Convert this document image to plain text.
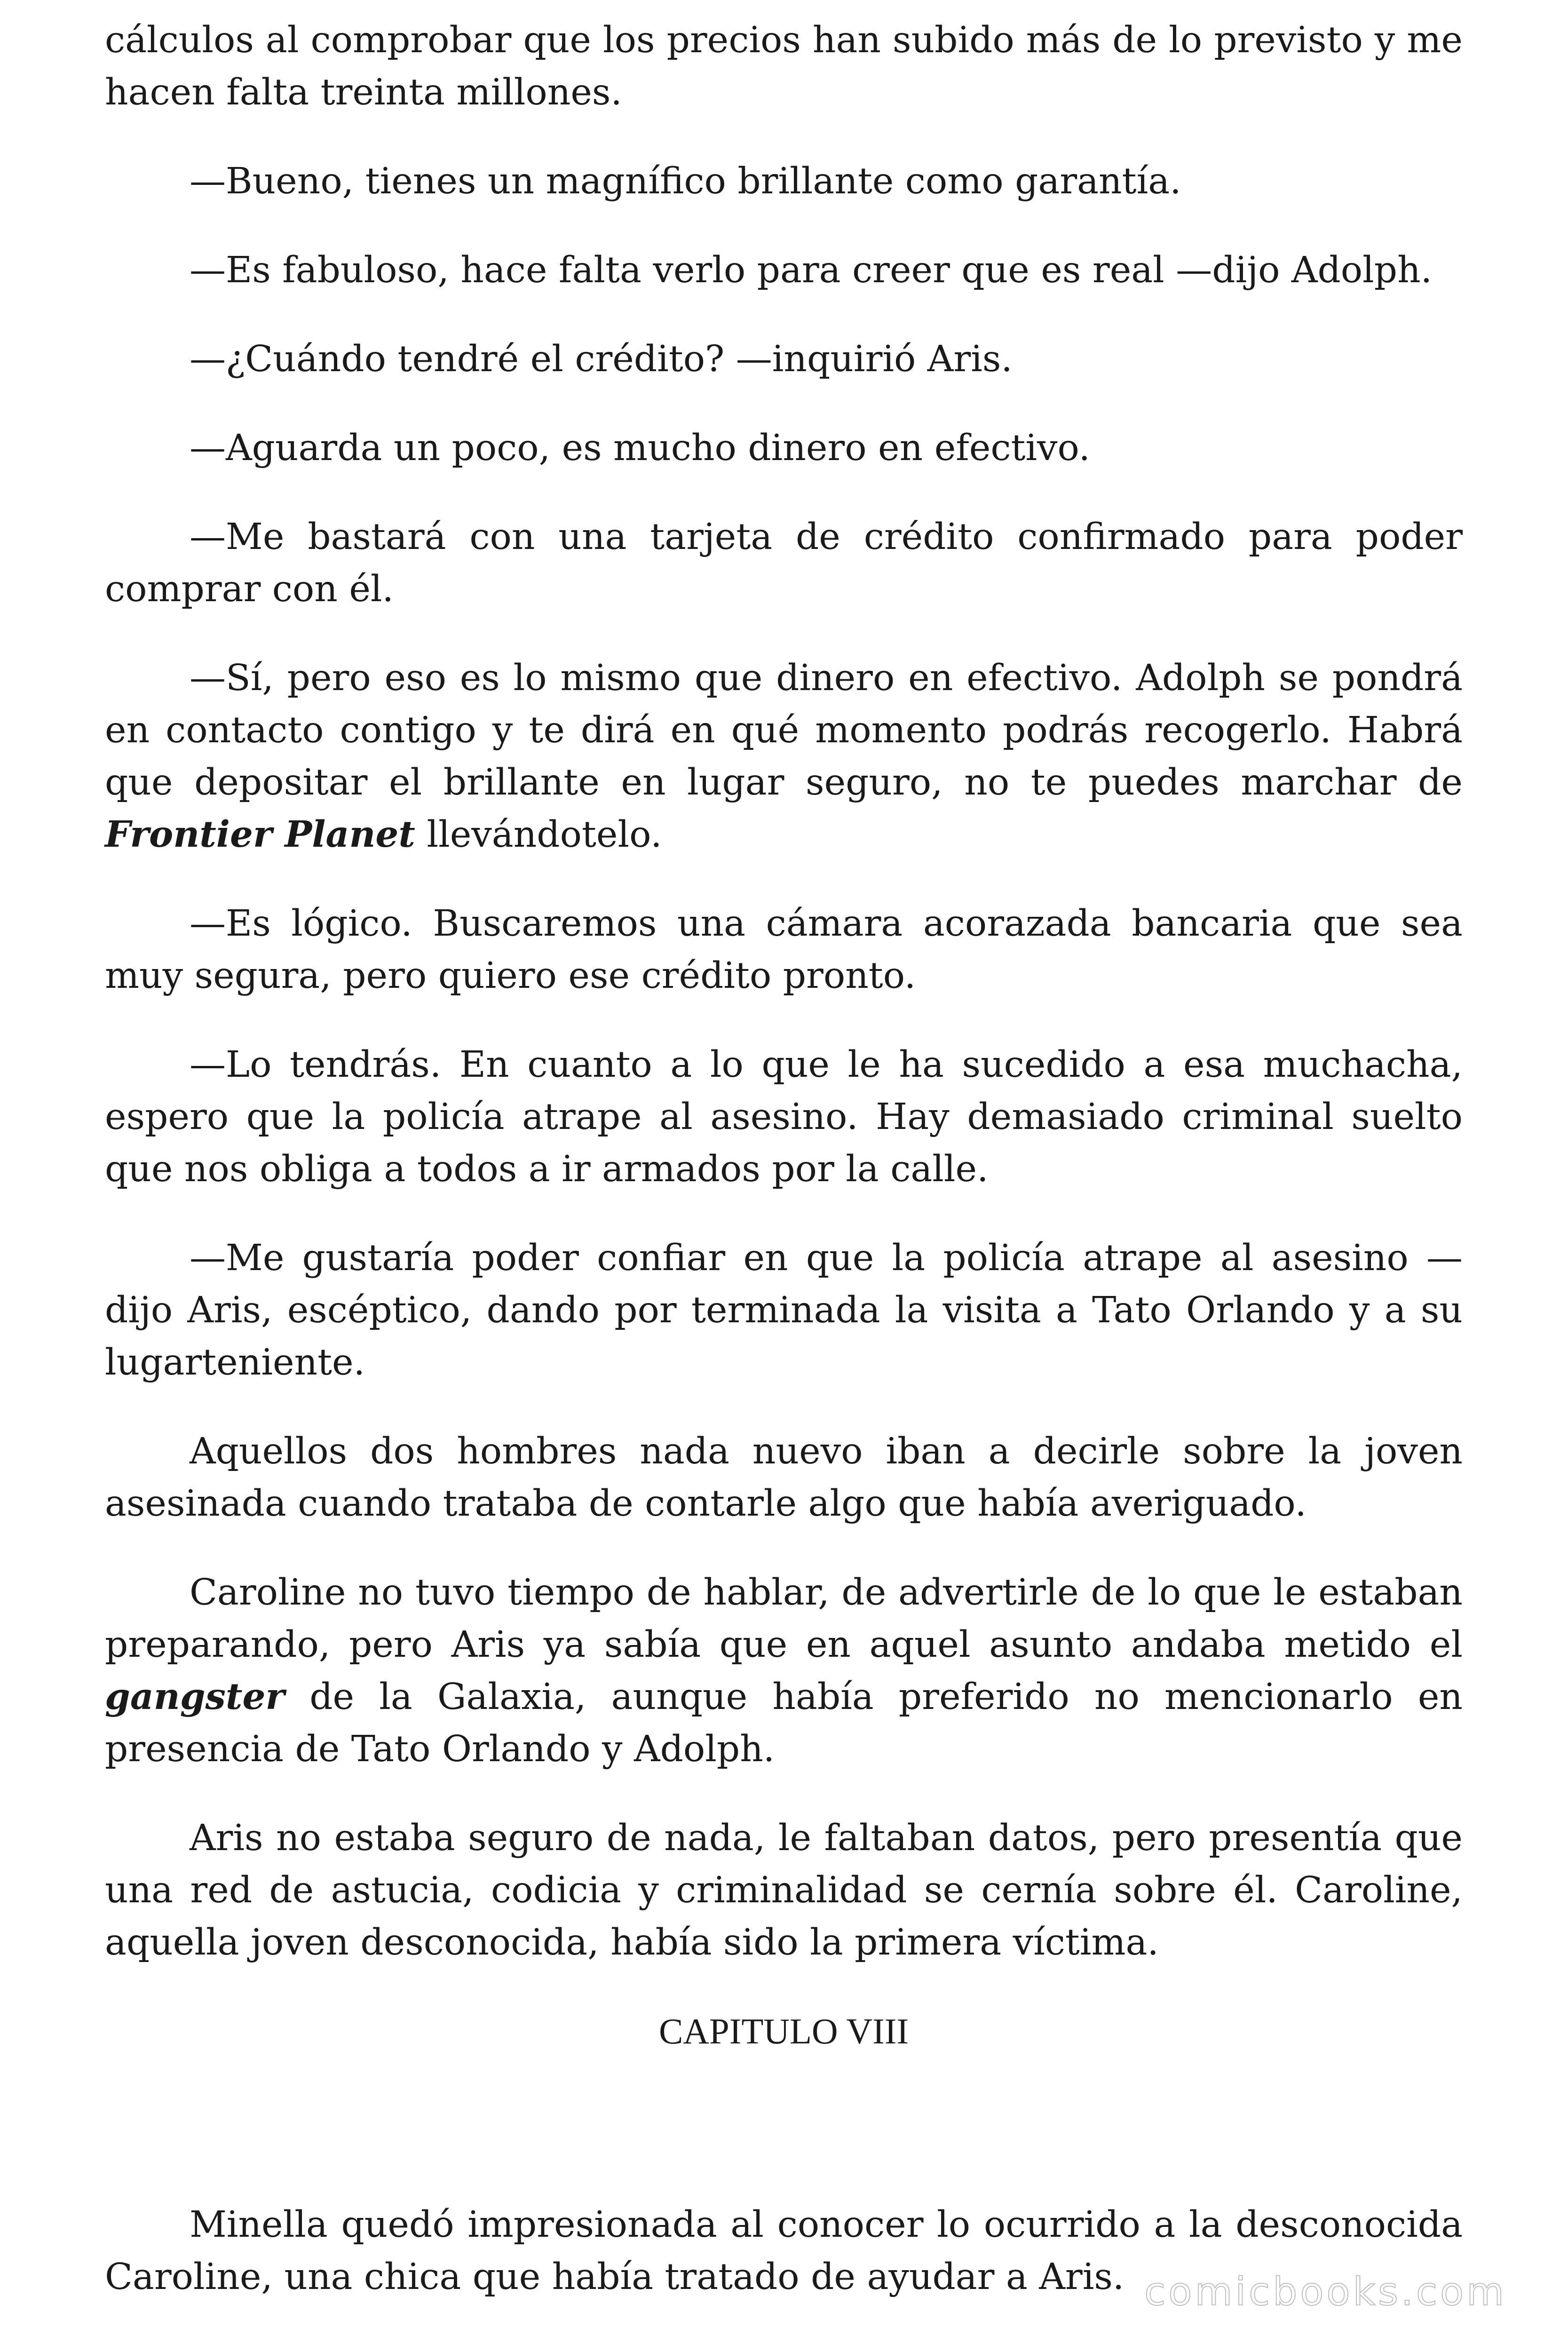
cálculos al comprobar que los precios han subido más de lo previsto y me hacen falta treinta millones.

—Bueno, tienes un magnífico brillante como garantía.

—Es fabuloso, hace falta verlo para creer que es real —dijo Adolph.

—¿Cuándo tendré el crédito? —inquirió Aris.

—Aguarda un poco, es mucho dinero en efectivo.

—Me bastará con una tarjeta de crédito confirmado para poder comprar con él.

—Sí, pero eso es lo mismo que dinero en efectivo. Adolph se pondrá en contacto contigo y te dirá en qué momento podrás recogerlo. Habrá que depositar el brillante en lugar seguro, no te puedes marchar de Frontier Planet llevándotelo.

—Es lógico. Buscaremos una cámara acorazada bancaria que sea muy segura, pero quiero ese crédito pronto.

—Lo tendrás. En cuanto a lo que le ha sucedido a esa muchacha, espero que la policía atrape al asesino. Hay demasiado criminal suelto que nos obliga a todos a ir armados por la calle.

—Me gustaría poder confiar en que la policía atrape al asesino — dijo Aris, escéptico, dando por terminada la visita a Tato Orlando y a su lugarteniente.

Aquellos dos hombres nada nuevo iban a decirle sobre la joven asesinada cuando trataba de contarle algo que había averiguado.

Caroline no tuvo tiempo de hablar, de advertirle de lo que le estaban preparando, pero Aris ya sabía que en aquel asunto andaba metido el gangster de la Galaxia, aunque había preferido no mencionarlo en presencia de Tato Orlando y Adolph.

Aris no estaba seguro de nada, le faltaban datos, pero presentía que una red de astucia, codicia y criminalidad se cernía sobre él. Caroline, aquella joven desconocida, había sido la primera víctima.

CAPITULO VIII

Minella quedó impresionada al conocer lo ocurrido a la desconocida Caroline, una chica que había tratado de ayudar a Aris. comicbooks.com
